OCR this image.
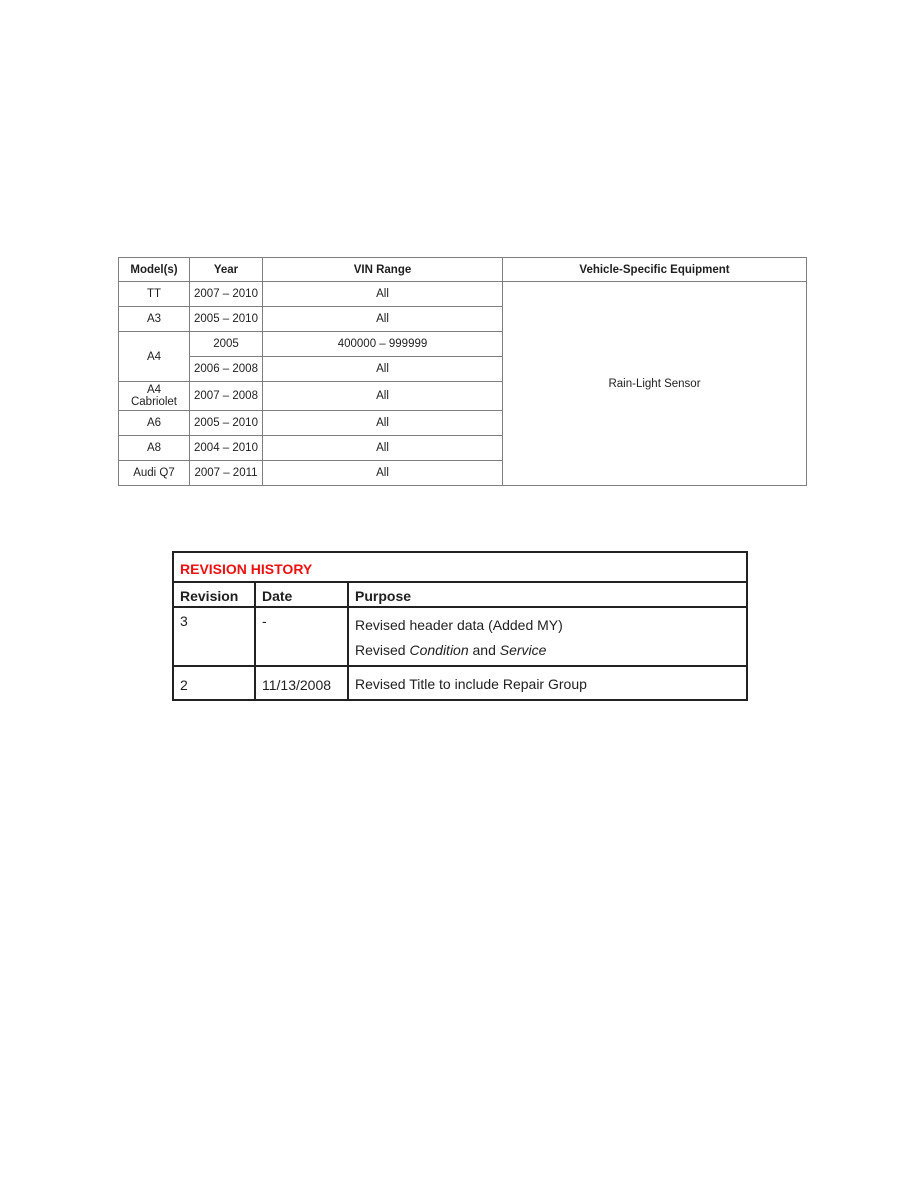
Model(s)	Year	VIN Range	Vehicle-Specific Equipment
TT	2007 – 2010	All	Rain-Light Sensor
A3	2005 – 2010	All	
A4	2005	400000 – 999999	
	2006 – 2008	All	
A4 Cabriolet	2007 – 2008	All	
A6	2005 – 2010	All	
A8	2004 – 2010	All	
Audi Q7	2007 – 2011	All	
REVISION HISTORY		
Revision	Date	Purpose
3	-	Revised header data (Added MY)
Revised Condition and Service

2	11/13/2008	Revised Title to include Repair Group
